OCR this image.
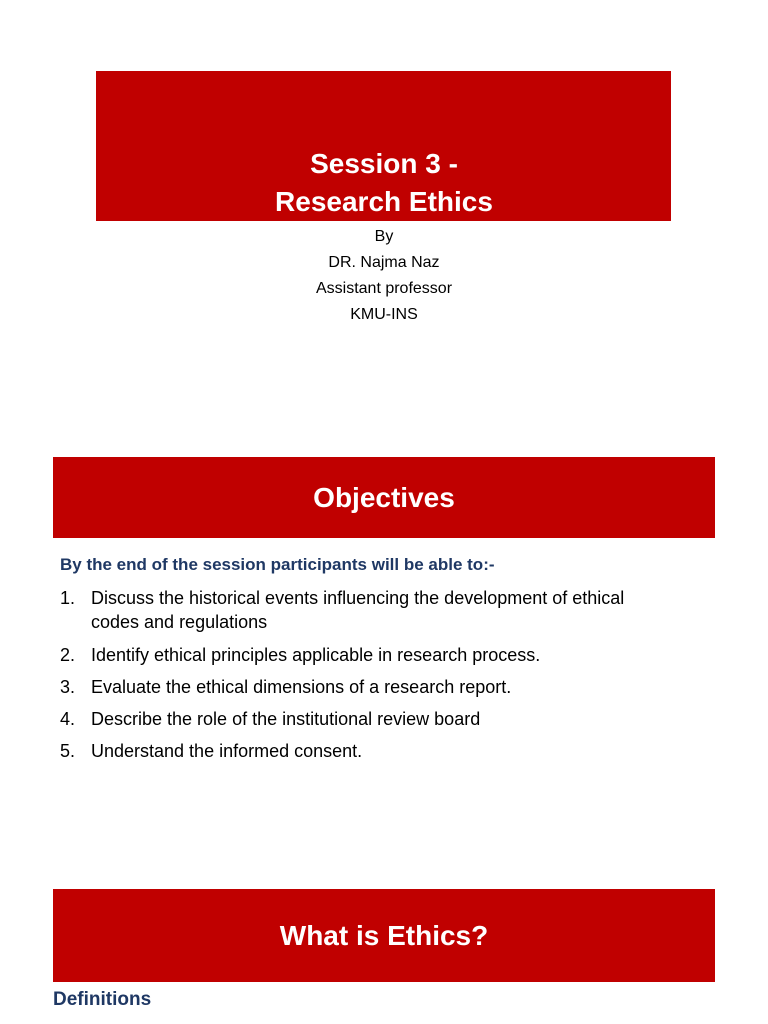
Session 3 -
Research Ethics
By
DR. Najma Naz
Assistant professor
KMU-INS
Objectives
By the end of the session participants will be able to:-
1. Discuss the historical events influencing the development of ethical
codes and regulations
2. Identify ethical principles applicable in research process.
3. Evaluate the ethical dimensions of a research report.
4. Describe the role of the institutional review board
5. Understand the informed consent.
What is Ethics?
Definitions
